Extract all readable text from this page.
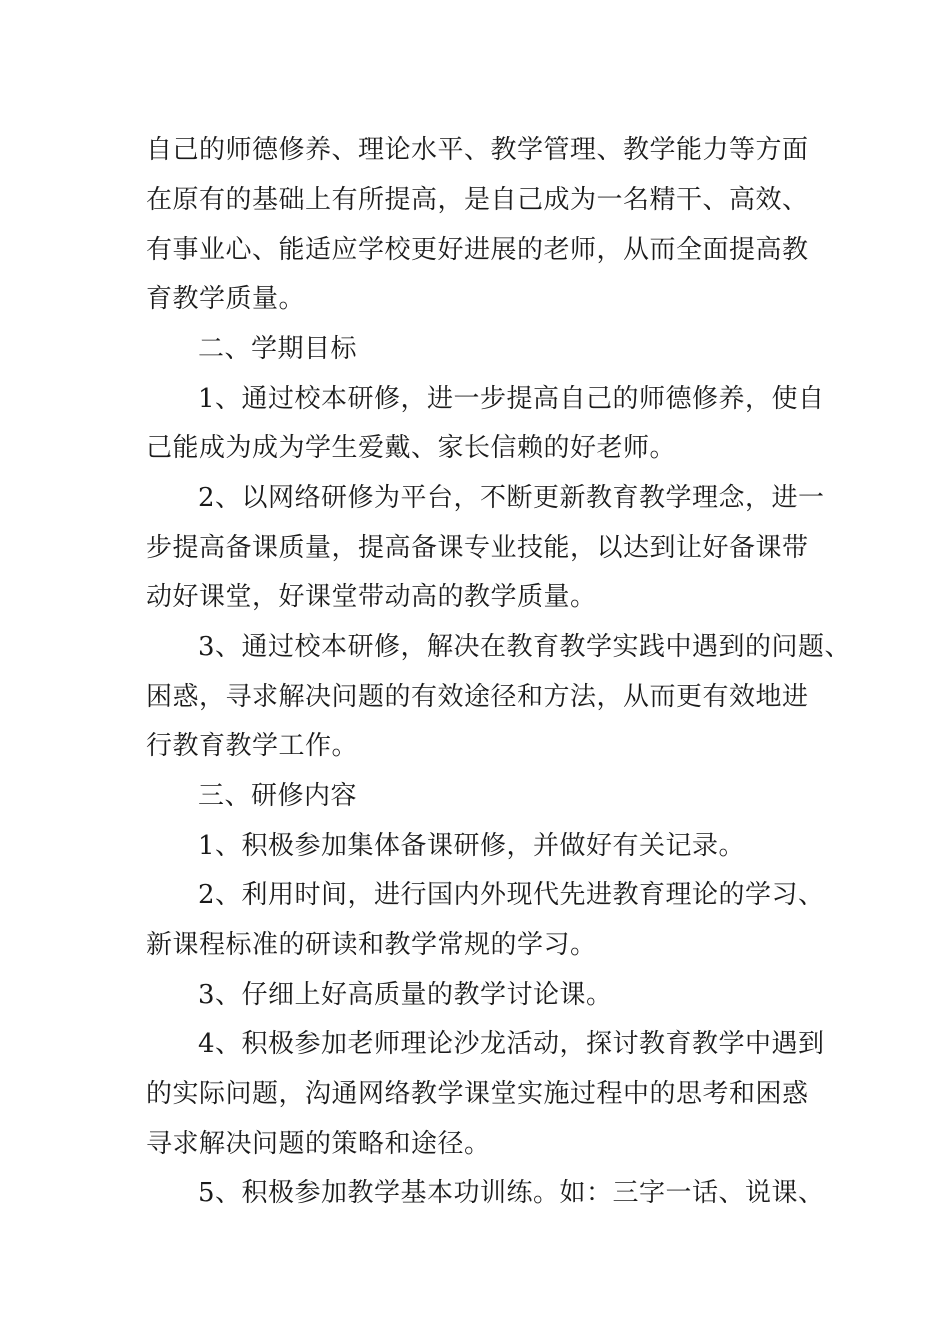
自己的师德修养、理论水平、教学管理、教学能力等方面
在原有的基础上有所提高，是自己成为一名精干、高效、
有事业心、能适应学校更好进展的老师，从而全面提高教
育教学质量。
二、学期目标
1、通过校本研修，进一步提高自己的师德修养，使自
己能成为成为学生爱戴、家长信赖的好老师。
2、以网络研修为平台，不断更新教育教学理念，进一
步提高备课质量，提高备课专业技能，以达到让好备课带
动好课堂，好课堂带动高的教学质量。
3、通过校本研修，解决在教育教学实践中遇到的问题、
困惑，寻求解决问题的有效途径和方法，从而更有效地进
行教育教学工作。
三、研修内容
1、积极参加集体备课研修，并做好有关记录。
2、利用时间，进行国内外现代先进教育理论的学习、
新课程标准的研读和教学常规的学习。
3、仔细上好高质量的教学讨论课。
4、积极参加老师理论沙龙活动，探讨教育教学中遇到
的实际问题，沟通网络教学课堂实施过程中的思考和困惑
寻求解决问题的策略和途径。
5、积极参加教学基本功训练。如：三字一话、说课、
